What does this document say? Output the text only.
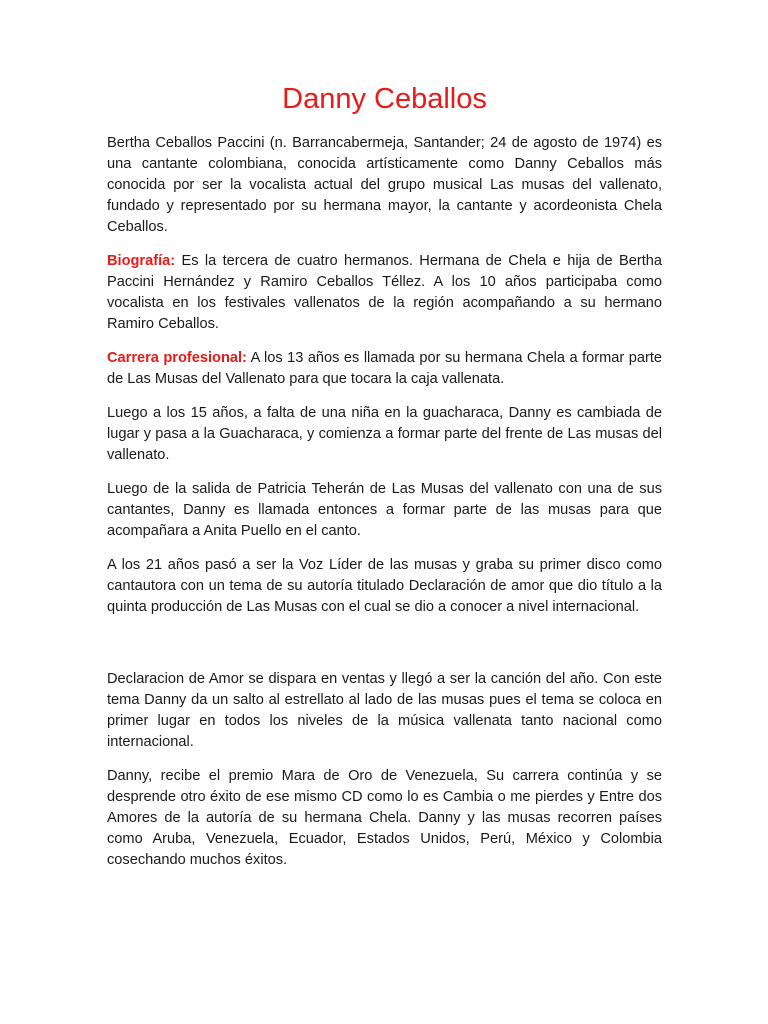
Danny Ceballos

Bertha Ceballos Paccini (n. Barrancabermeja, Santander; 24 de agosto de 1974) es una cantante colombiana, conocida artísticamente como Danny Ceballos más conocida por ser la vocalista actual del grupo musical Las musas del vallenato, fundado y representado por su hermana mayor, la cantante y acordeonista Chela Ceballos.

Biografía: Es la tercera de cuatro hermanos. Hermana de Chela e hija de Bertha Paccini Hernández y Ramiro Ceballos Téllez. A los 10 años participaba como vocalista en los festivales vallenatos de la región acompañando a su hermano Ramiro Ceballos.

Carrera profesional: A los 13 años es llamada por su hermana Chela a formar parte de Las Musas del Vallenato para que tocara la caja vallenata.

Luego a los 15 años, a falta de una niña en la guacharaca, Danny es cambiada de lugar y pasa a la Guacharaca, y comienza a formar parte del frente de Las musas del vallenato.

Luego de la salida de Patricia Teherán de Las Musas del vallenato con una de sus cantantes, Danny es llamada entonces a formar parte de las musas para que acompañara a Anita Puello en el canto.

A los 21 años pasó a ser la Voz Líder de las musas y graba su primer disco como cantautora con un tema de su autoría titulado Declaración de amor que dio título a la quinta producción de Las Musas con el cual se dio a conocer a nivel internacional.

Declaracion de Amor se dispara en ventas y llegó a ser la canción del año. Con este tema Danny da un salto al estrellato al lado de las musas pues el tema se coloca en primer lugar en todos los niveles de la música vallenata tanto nacional como internacional.

Danny, recibe el premio Mara de Oro de Venezuela, Su carrera continúa y se desprende otro éxito de ese mismo CD como lo es Cambia o me pierdes y Entre dos Amores de la autoría de su hermana Chela. Danny y las musas recorren países como Aruba, Venezuela, Ecuador, Estados Unidos, Perú, México y Colombia cosechando muchos éxitos.
